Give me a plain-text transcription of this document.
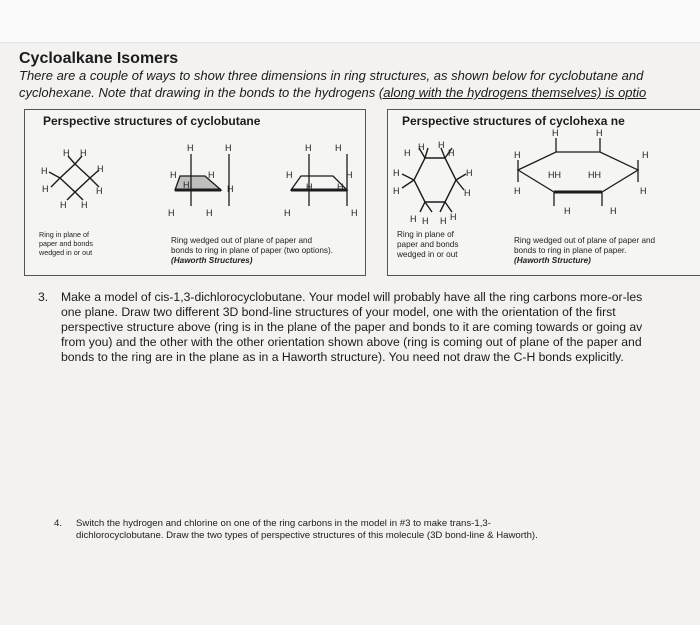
Cycloalkane Isomers
There are a couple of ways to show three dimensions in ring structures, as shown below for cyclobutane and
cyclohexane. Note that drawing in the bonds to the hydrogens (along with the hydrogens themselves) is optio
Perspective structures of cyclobutane
H H
H	H
H	H
H H
H	H
H	H
H	H
H	H
H	H
H	H
H	H
H	H
Ring in plane of
paper and bonds
wedged in or out
Ring wedged out of plane of paper and
bonds to ring in plane of paper (two options).
(Haworth Structures)
Perspective structures of cyclohexa ne
H
H H
H
H
H
H
H
H H H H
H	H
H	H
HH	HH
H	H
H	H
Ring in plane of
paper and bonds
wedged in or out
Ring wedged out of plane of paper and
bonds to ring in plane of paper.
(Haworth Structure)
3. Make a model of cis-1,3-dichlorocyclobutane. Your model will probably have all the ring carbons more-or-les
one plane. Draw two different 3D bond-line structures of your model, one with the orientation of the first
perspective structure above (ring is in the plane of the paper and bonds to it are coming towards or going av
from you) and the other with the other orientation shown above (ring is coming out of plane of the paper and
bonds to the ring are in the plane as in a Haworth structure). You need not draw the C-H bonds explicitly.
4. Switch the hydrogen and chlorine on one of the ring carbons in the model in #3 to make trans-1,3-
dichlorocyclobutane. Draw the two types of perspective structures of this molecule (3D bond-line & Haworth).
